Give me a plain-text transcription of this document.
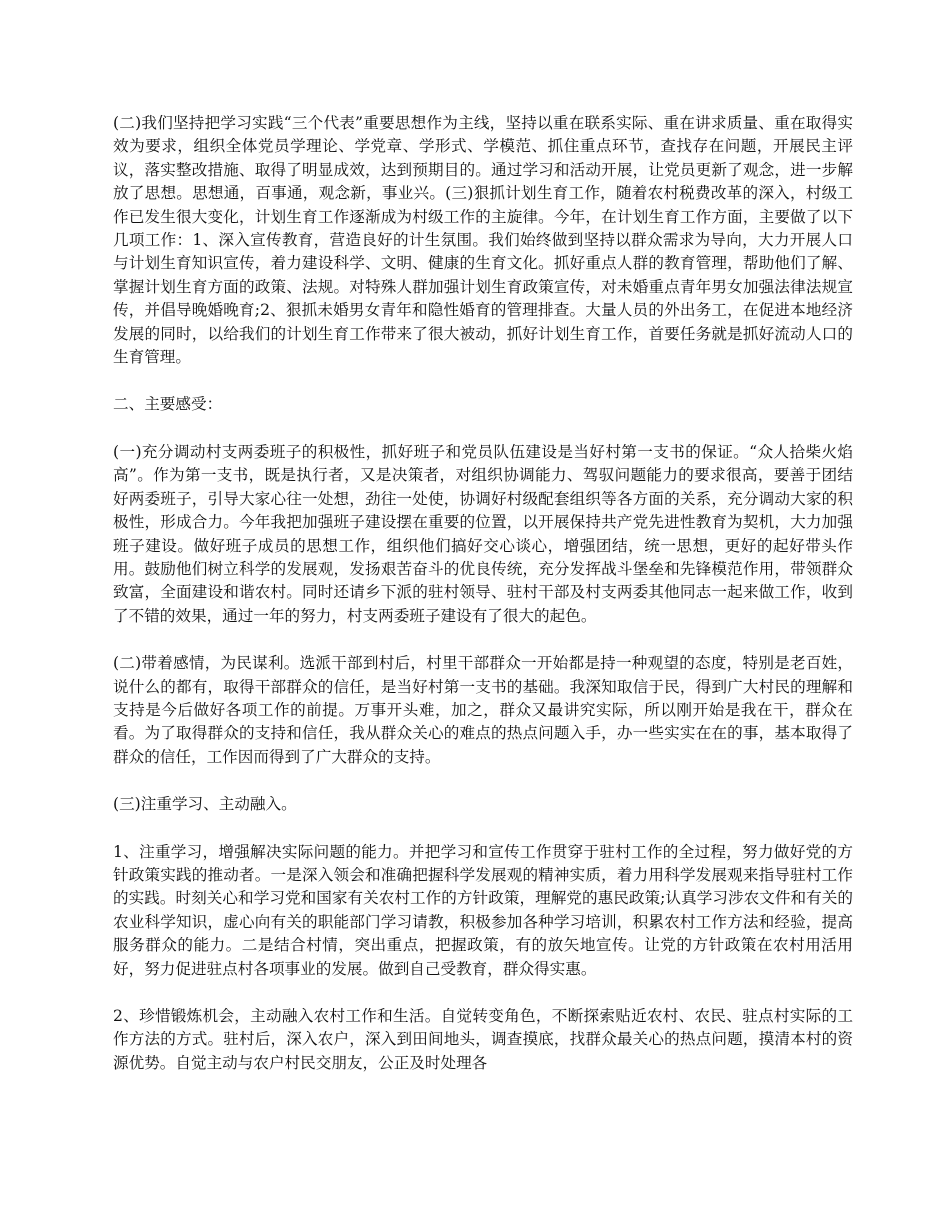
(二)我们坚持把学习实践“三个代表”重要思想作为主线，坚持以重在联系实际、重在讲求质量、重在取得实效为要求，组织全体党员学理论、学党章、学形式、学模范、抓住重点环节，查找存在问题，开展民主评议，落实整改措施、取得了明显成效，达到预期目的。通过学习和活动开展，让党员更新了观念，进一步解放了思想。思想通，百事通，观念新，事业兴。(三)狠抓计划生育工作，随着农村税费改革的深入，村级工作已发生很大变化，计划生育工作逐渐成为村级工作的主旋律。今年，在计划生育工作方面，主要做了以下几项工作：1、深入宣传教育，营造良好的计生氛围。我们始终做到坚持以群众需求为导向，大力开展人口与计划生育知识宣传，着力建设科学、文明、健康的生育文化。抓好重点人群的教育管理，帮助他们了解、掌握计划生育方面的政策、法规。对特殊人群加强计划生育政策宣传，对未婚重点青年男女加强法律法规宣传，并倡导晚婚晚育;2、狠抓未婚男女青年和隐性婚育的管理排查。大量人员的外出务工，在促进本地经济发展的同时，以给我们的计划生育工作带来了很大被动，抓好计划生育工作，首要任务就是抓好流动人口的生育管理。

二、主要感受：

(一)充分调动村支两委班子的积极性，抓好班子和党员队伍建设是当好村第一支书的保证。“众人拾柴火焰高”。作为第一支书，既是执行者，又是决策者，对组织协调能力、驾驭问题能力的要求很高，要善于团结好两委班子，引导大家心往一处想，劲往一处使，协调好村级配套组织等各方面的关系，充分调动大家的积极性，形成合力。今年我把加强班子建设摆在重要的位置，以开展保持共产党先进性教育为契机，大力加强班子建设。做好班子成员的思想工作，组织他们搞好交心谈心，增强团结，统一思想，更好的起好带头作用。鼓励他们树立科学的发展观，发扬艰苦奋斗的优良传统，充分发挥战斗堡垒和先锋模范作用，带领群众致富，全面建设和谐农村。同时还请乡下派的驻村领导、驻村干部及村支两委其他同志一起来做工作，收到了不错的效果，通过一年的努力，村支两委班子建设有了很大的起色。

(二)带着感情，为民谋利。选派干部到村后，村里干部群众一开始都是持一种观望的态度，特别是老百姓，说什么的都有，取得干部群众的信任，是当好村第一支书的基础。我深知取信于民，得到广大村民的理解和支持是今后做好各项工作的前提。万事开头难，加之，群众又最讲究实际，所以刚开始是我在干，群众在看。为了取得群众的支持和信任，我从群众关心的难点的热点问题入手，办一些实实在在的事，基本取得了群众的信任，工作因而得到了广大群众的支持。

(三)注重学习、主动融入。

1、注重学习，增强解决实际问题的能力。并把学习和宣传工作贯穿于驻村工作的全过程，努力做好党的方针政策实践的推动者。一是深入领会和准确把握科学发展观的精神实质，着力用科学发展观来指导驻村工作的实践。时刻关心和学习党和国家有关农村工作的方针政策，理解党的惠民政策;认真学习涉农文件和有关的农业科学知识，虚心向有关的职能部门学习请教，积极参加各种学习培训，积累农村工作方法和经验，提高服务群众的能力。二是结合村情，突出重点，把握政策，有的放矢地宣传。让党的方针政策在农村用活用好，努力促进驻点村各项事业的发展。做到自己受教育，群众得实惠。

2、珍惜锻炼机会，主动融入农村工作和生活。自觉转变角色，不断探索贴近农村、农民、驻点村实际的工作方法的方式。驻村后，深入农户，深入到田间地头，调查摸底，找群众最关心的热点问题，摸清本村的资源优势。自觉主动与农户村民交朋友，公正及时处理各
